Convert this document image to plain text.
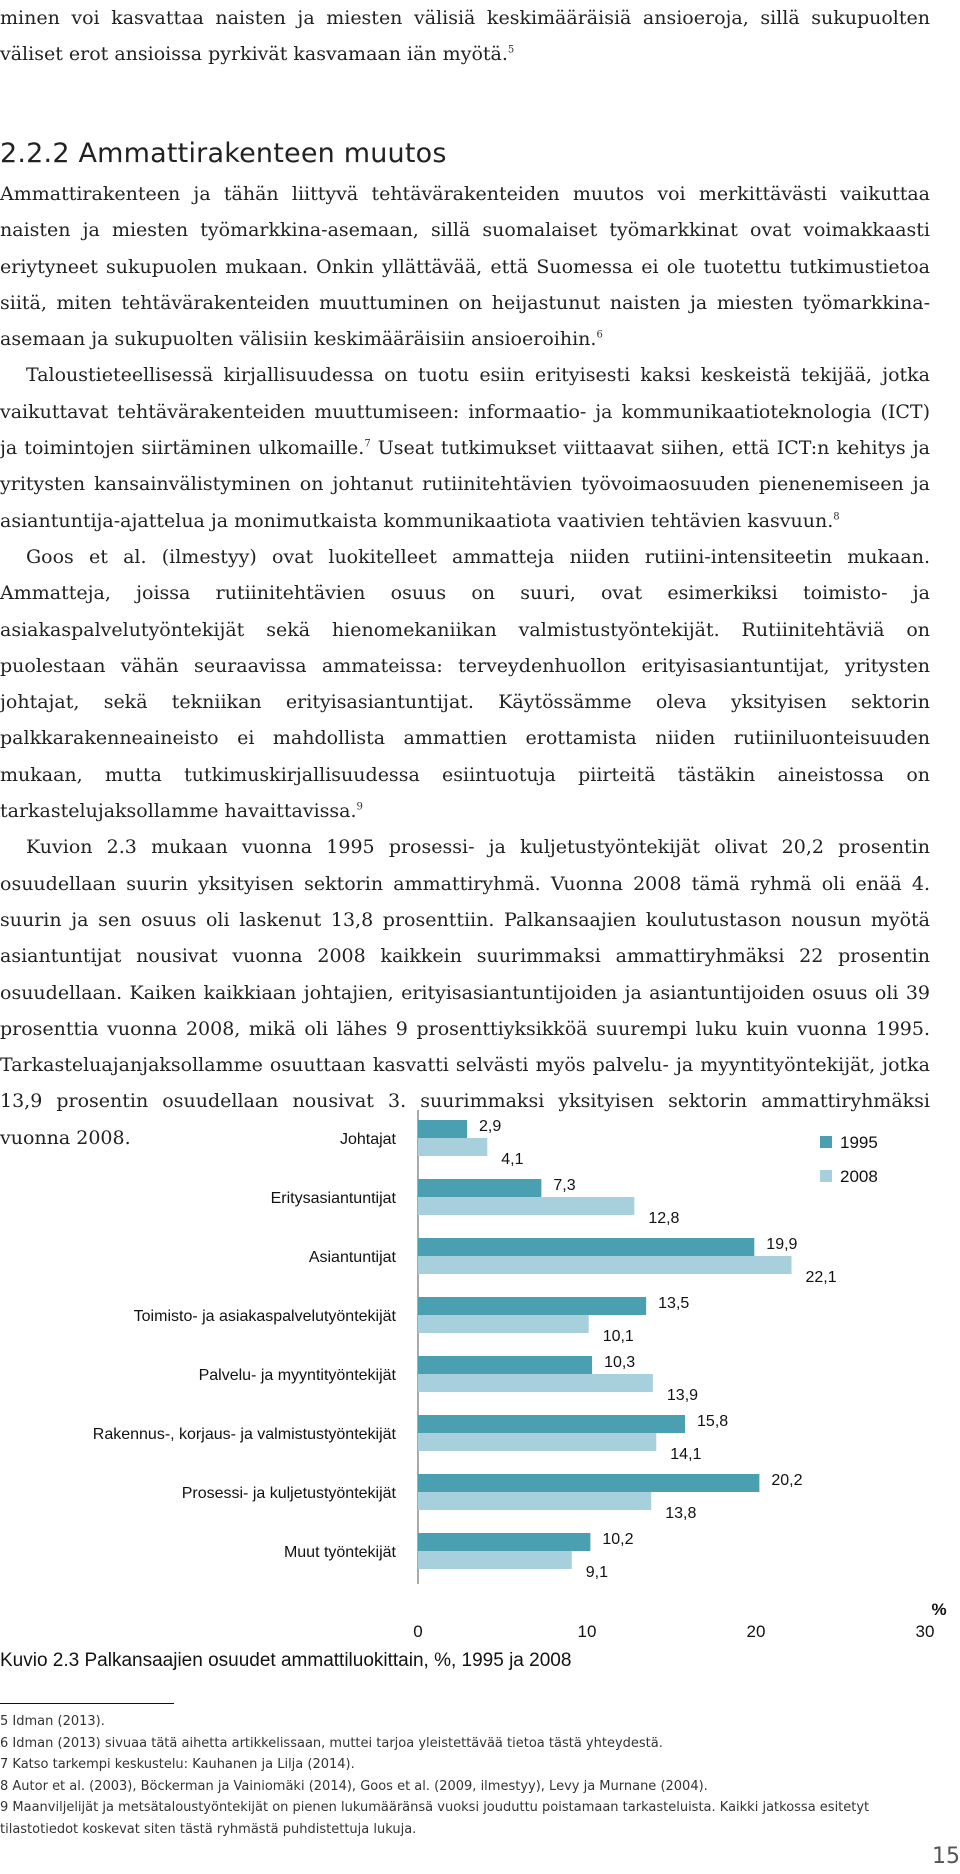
minen voi kasvattaa naisten ja miesten välisiä keskimääräisiä ansioeroja, sillä sukupuolten väliset erot ansioissa pyrkivät kasvamaan iän myötä.$^5$

2.2.2 Ammattirakenteen muutos

Ammattirakenteen ja tähän liittyvä tehtävärakenteiden muutos voi merkittävästi vaikuttaa naisten ja miesten työmarkkina-asemaan, sillä suomalaiset työmarkkinat ovat voimakkaasti eriytyneet sukupuolen mukaan. Onkin yllättävää, että Suomessa ei ole tuotettu tutkimustietoa siitä, miten tehtävärakenteiden muuttuminen on heijastunut naisten ja miesten työmarkkina-asemaan ja sukupuolten välisiin keskimääräisiin ansioeroihin.$^6$

Taloustieteellisessä kirjallisuudessa on tuotu esiin erityisesti kaksi keskeistä tekijää, jotka vaikuttavat tehtävärakenteiden muuttumiseen: informaatio- ja kommunikaatioteknologia (ICT) ja toimintojen siirtäminen ulkomaille.$^7$ Useat tutkimukset viittaavat siihen, että ICT:n kehitys ja yritysten kansainvälistyminen on johtanut rutiinitehtävien työvoimaosuuden pienenemiseen ja asiantuntija-ajattelua ja monimutkaista kommunikaatiota vaativien tehtävien kasvuun.$^8$

Goos et al. (ilmestyy) ovat luokitelleet ammatteja niiden rutiini-intensiteetin mukaan. Ammatteja, joissa rutiinitehtävien osuus on suuri, ovat esimerkiksi toimisto- ja asiakaspalvelutyöntekijät sekä hienomekaniikan valmistustyöntekijät. Rutiinitehtäviä on puolestaan vähän seuraavissa ammateissa: terveydenhuollon erityisasiantuntijat, yritysten johtajat, sekä tekniikan erityisasiantuntijat. Käytössämme oleva yksityisen sektorin palkkarakenneaineisto ei mahdollista ammattien erottamista niiden rutiiniluonteisuuden mukaan, mutta tutkimuskirjallisuudessa esiintuotuja piirteitä tästäkin aineistossa on tarkastelujaksollamme havaittavissa.$^9$

Kuvion 2.3 mukaan vuonna 1995 prosessi- ja kuljetustyöntekijät olivat 20,2 prosentin osuudellaan suurin yksityisen sektorin ammattiryhmä. Vuonna 2008 tämä ryhmä oli enää 4. suurin ja sen osuus oli laskenut 13,8 prosenttiin. Palkansaajien koulutustason nousun myötä asiantuntijat nousivat vuonna 2008 kaikkein suurimmaksi ammattiryhmäksi 22 prosentin osuudellaan. Kaiken kaikkiaan johtajien, erityisasiantuntijoiden ja asiantuntijoiden osuus oli 39 prosenttia vuonna 2008, mikä oli lähes 9 prosenttiyksikköä suurempi luku kuin vuonna 1995. Tarkasteluajanjaksollamme osuuttaan kasvatti selvästi myös palvelu- ja myyntityöntekijät, jotka 13,9 prosentin osuudellaan nousivat 3. suurimmaksi yksityisen sektorin ammattiryhmäksi vuonna 2008.	Johtajat
2,9
4,1
Eritysasiantuntijat
7,3
12,8
Asiantuntijat
19,9
22,1
Toimisto- ja asiakaspalvelutyöntekijät
13,5
10,1
Palvelu- ja myyntityöntekijät
10,3
13,9
Rakennus-, korjaus- ja valmistustyöntekijät
15,8
14,1
Prosessi- ja kuljetustyöntekijät
20,2
13,8
Muut työntekijät
10,2
9,1
0	10	20	30
%
1995
2008

Kuvio 2.3 Palkansaajien osuudet ammattiluokittain, %, 1995 ja 2008

5 Idman (2013).
6 Idman (2013) sivuaa tätä aihetta artikkelissaan, muttei tarjoa yleistettävää tietoa tästä yhteydestä.
7 Katso tarkempi keskustelu: Kauhanen ja Lilja (2014).
8 Autor et al. (2003), Böckerman ja Vainiomäki (2014), Goos et al. (2009, ilmestyy), Levy ja Murnane (2004).
9 Maanviljelijät ja metsätaloustyöntekijät on pienen lukumääränsä vuoksi jouduttu poistamaan tarkasteluista. Kaikki jatkossa esitetyt tilastotiedot koskevat siten tästä ryhmästä puhdistettuja lukuja.
15
